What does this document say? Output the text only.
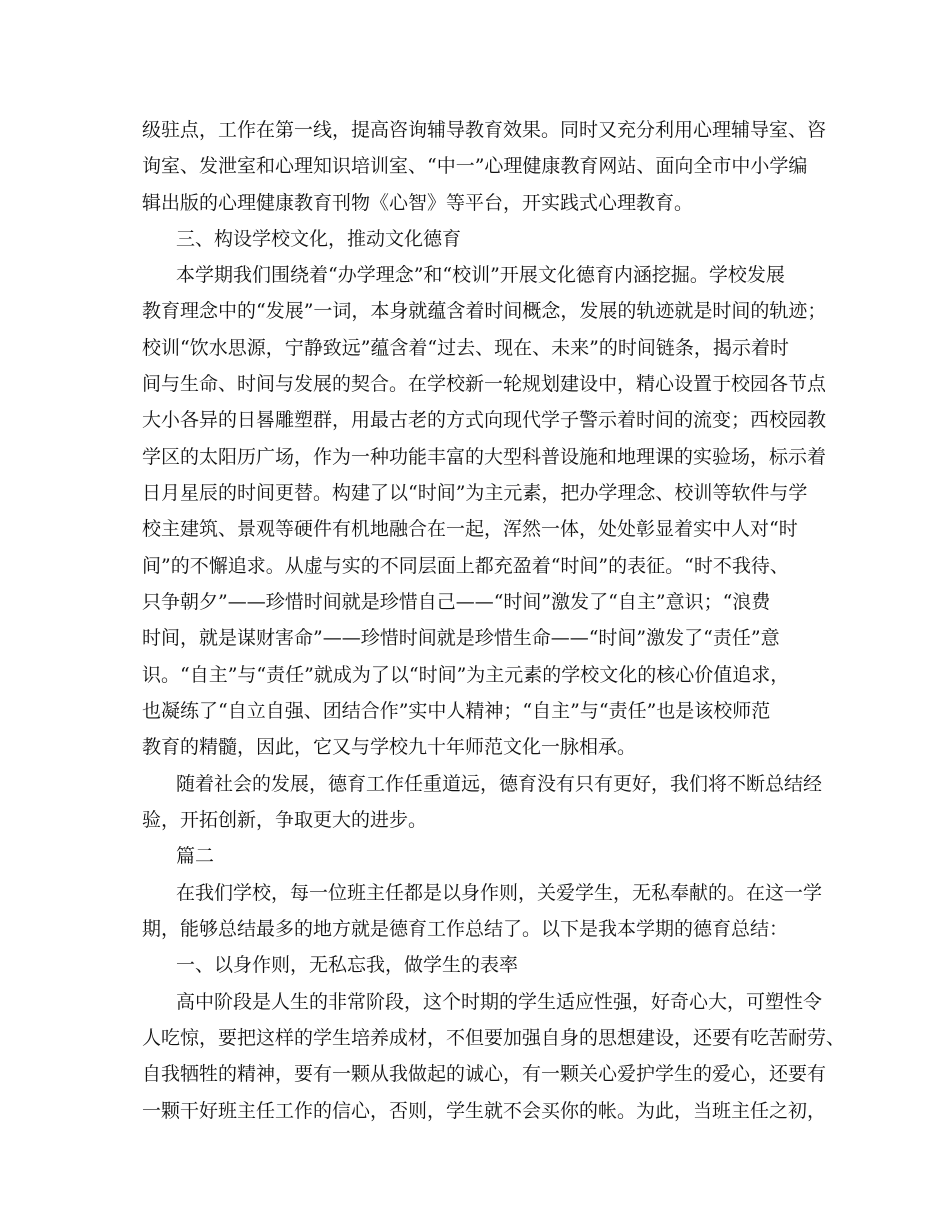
级驻点，工作在第一线，提高咨询辅导教育效果。同时又充分利用心理辅导室、咨
询室、发泄室和心理知识培训室、“中一”心理健康教育网站、面向全市中小学编
辑出版的心理健康教育刊物《心智》等平台，开实践式心理教育。
三、构设学校文化，推动文化德育
本学期我们围绕着“办学理念”和“校训”开展文化德育内涵挖掘。学校发展
教育理念中的“发展”一词，本身就蕴含着时间概念，发展的轨迹就是时间的轨迹；
校训“饮水思源，宁静致远”蕴含着“过去、现在、未来”的时间链条，揭示着时
间与生命、时间与发展的契合。在学校新一轮规划建设中，精心设置于校园各节点
大小各异的日晷雕塑群，用最古老的方式向现代学子警示着时间的流变；西校园教
学区的太阳历广场，作为一种功能丰富的大型科普设施和地理课的实验场，标示着
日月星辰的时间更替。构建了以“时间”为主元素，把办学理念、校训等软件与学
校主建筑、景观等硬件有机地融合在一起，浑然一体，处处彰显着实中人对“时
间”的不懈追求。从虚与实的不同层面上都充盈着“时间”的表征。“时不我待、
只争朝夕”——珍惜时间就是珍惜自己——“时间”激发了“自主”意识；“浪费
时间，就是谋财害命”——珍惜时间就是珍惜生命——“时间”激发了“责任”意
识。“自主”与“责任”就成为了以“时间”为主元素的学校文化的核心价值追求，
也凝练了“自立自强、团结合作”实中人精神；“自主”与“责任”也是该校师范
教育的精髓，因此，它又与学校九十年师范文化一脉相承。
随着社会的发展，德育工作任重道远，德育没有只有更好，我们将不断总结经
验，开拓创新，争取更大的进步。
篇二
在我们学校，每一位班主任都是以身作则，关爱学生，无私奉献的。在这一学
期，能够总结最多的地方就是德育工作总结了。以下是我本学期的德育总结：
一、以身作则，无私忘我，做学生的表率
高中阶段是人生的非常阶段，这个时期的学生适应性强，好奇心大，可塑性令
人吃惊，要把这样的学生培养成材，不但要加强自身的思想建设，还要有吃苦耐劳、
自我牺牲的精神，要有一颗从我做起的诚心，有一颗关心爱护学生的爱心，还要有
一颗干好班主任工作的信心，否则，学生就不会买你的帐。为此，当班主任之初，
